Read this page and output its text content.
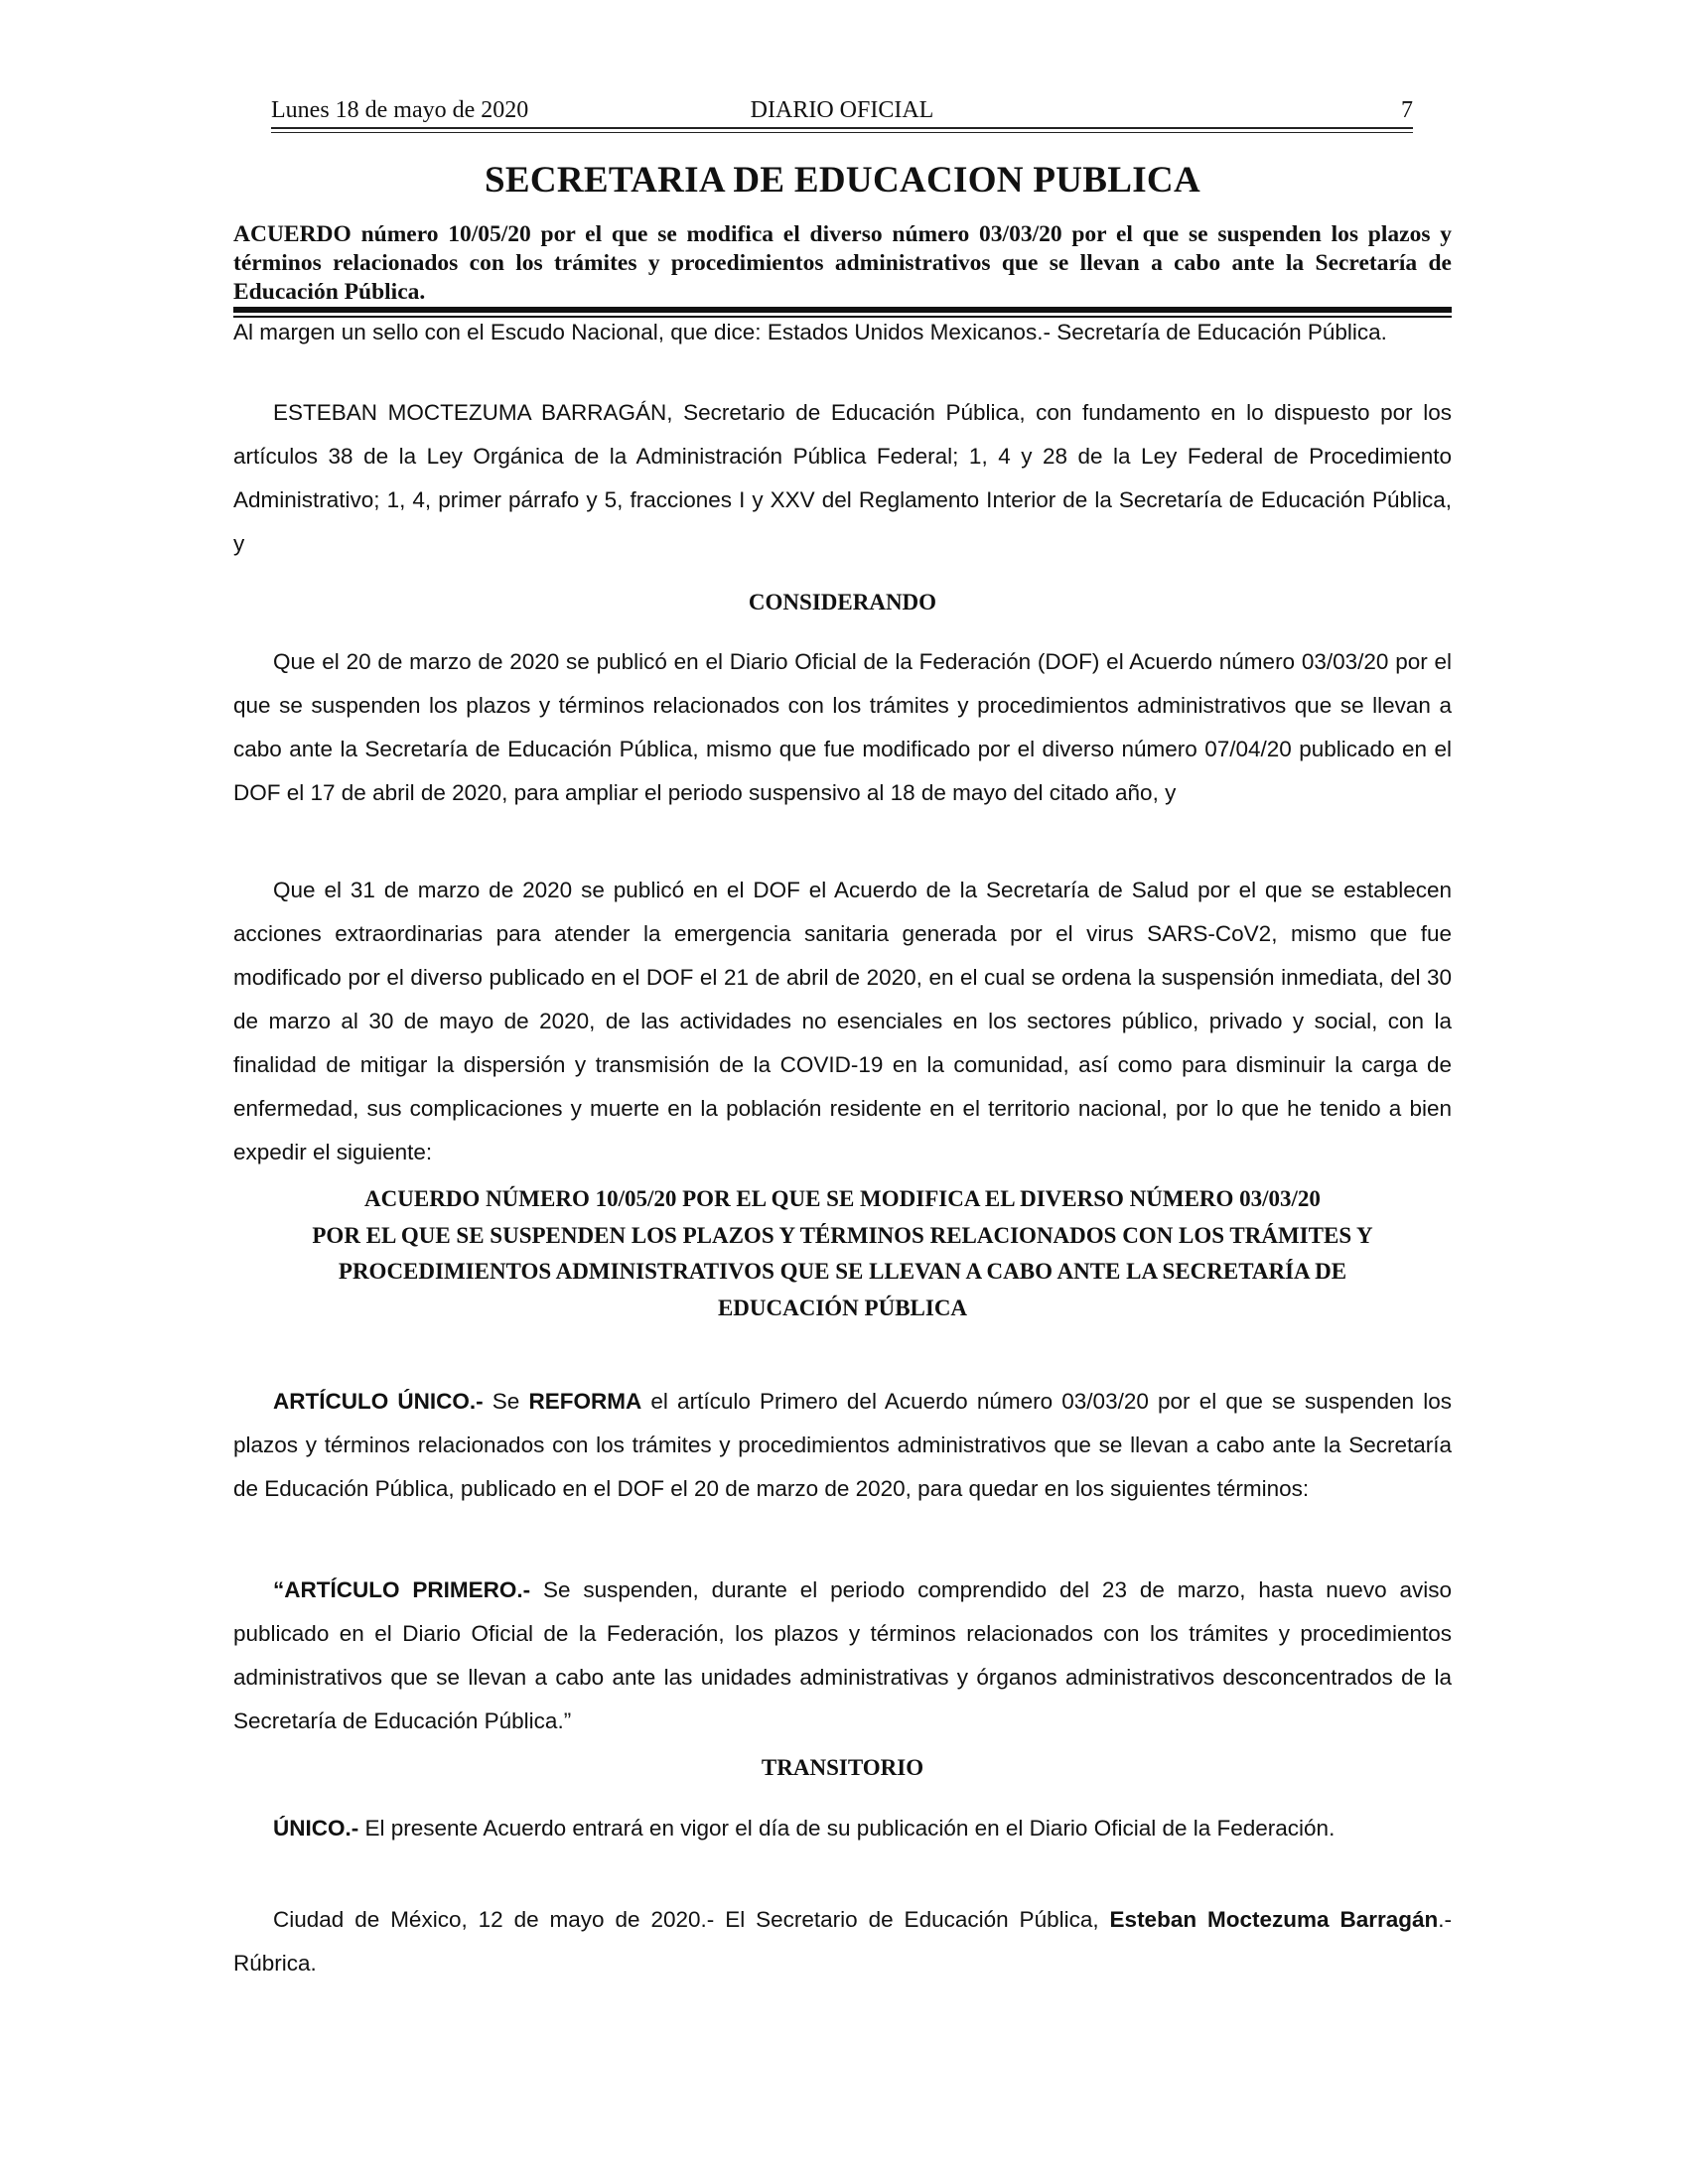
Lunes 18 de mayo de 2020	DIARIO OFICIAL	7
SECRETARIA DE EDUCACION PUBLICA
ACUERDO número 10/05/20 por el que se modifica el diverso número 03/03/20 por el que se suspenden los plazos y términos relacionados con los trámites y procedimientos administrativos que se llevan a cabo ante la Secretaría de Educación Pública.

Al margen un sello con el Escudo Nacional, que dice: Estados Unidos Mexicanos.- Secretaría de Educación Pública.

ESTEBAN MOCTEZUMA BARRAGÁN, Secretario de Educación Pública, con fundamento en lo dispuesto por los artículos 38 de la Ley Orgánica de la Administración Pública Federal; 1, 4 y 28 de la Ley Federal de Procedimiento Administrativo; 1, 4, primer párrafo y 5, fracciones I y XXV del Reglamento Interior de la Secretaría de Educación Pública, y

CONSIDERANDO

Que el 20 de marzo de 2020 se publicó en el Diario Oficial de la Federación (DOF) el Acuerdo número 03/03/20 por el que se suspenden los plazos y términos relacionados con los trámites y procedimientos administrativos que se llevan a cabo ante la Secretaría de Educación Pública, mismo que fue modificado por el diverso número 07/04/20 publicado en el DOF el 17 de abril de 2020, para ampliar el periodo suspensivo al 18 de mayo del citado año, y

Que el 31 de marzo de 2020 se publicó en el DOF el Acuerdo de la Secretaría de Salud por el que se establecen acciones extraordinarias para atender la emergencia sanitaria generada por el virus SARS-CoV2, mismo que fue modificado por el diverso publicado en el DOF el 21 de abril de 2020, en el cual se ordena la suspensión inmediata, del 30 de marzo al 30 de mayo de 2020, de las actividades no esenciales en los sectores público, privado y social, con la finalidad de mitigar la dispersión y transmisión de la COVID-19 en la comunidad, así como para disminuir la carga de enfermedad, sus complicaciones y muerte en la población residente en el territorio nacional, por lo que he tenido a bien expedir el siguiente:

ACUERDO NÚMERO 10/05/20 POR EL QUE SE MODIFICA EL DIVERSO NÚMERO 03/03/20
POR EL QUE SE SUSPENDEN LOS PLAZOS Y TÉRMINOS RELACIONADOS CON LOS TRÁMITES Y
PROCEDIMIENTOS ADMINISTRATIVOS QUE SE LLEVAN A CABO ANTE LA SECRETARÍA DE
EDUCACIÓN PÚBLICA

ARTÍCULO ÚNICO.- Se REFORMA el artículo Primero del Acuerdo número 03/03/20 por el que se suspenden los plazos y términos relacionados con los trámites y procedimientos administrativos que se llevan a cabo ante la Secretaría de Educación Pública, publicado en el DOF el 20 de marzo de 2020, para quedar en los siguientes términos:

“ARTÍCULO PRIMERO.- Se suspenden, durante el periodo comprendido del 23 de marzo, hasta nuevo aviso publicado en el Diario Oficial de la Federación, los plazos y términos relacionados con los trámites y procedimientos administrativos que se llevan a cabo ante las unidades administrativas y órganos administrativos desconcentrados de la Secretaría de Educación Pública.”

TRANSITORIO

ÚNICO.- El presente Acuerdo entrará en vigor el día de su publicación en el Diario Oficial de la Federación.

Ciudad de México, 12 de mayo de 2020.- El Secretario de Educación Pública, Esteban Moctezuma Barragán.- Rúbrica.
